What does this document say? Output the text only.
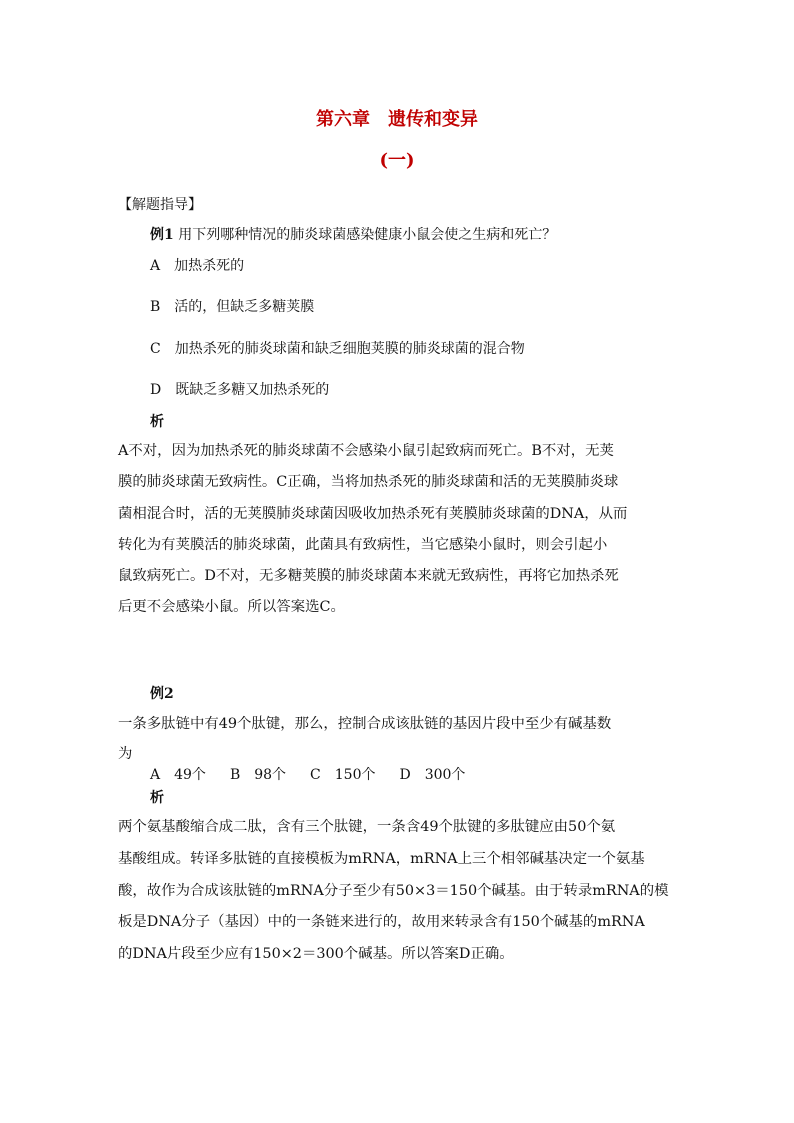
第六章　遗传和变异
(一)
【解题指导】
例1 用下列哪种情况的肺炎球菌感染健康小鼠会使之生病和死亡？
A　加热杀死的
B　活的，但缺乏多糖荚膜
C　加热杀死的肺炎球菌和缺乏细胞荚膜的肺炎球菌的混合物
D　既缺乏多糖又加热杀死的
析

A不对，因为加热杀死的肺炎球菌不会感染小鼠引起致病而死亡。B不对，无荚

膜的肺炎球菌无致病性。C正确，当将加热杀死的肺炎球菌和活的无荚膜肺炎球

菌相混合时，活的无荚膜肺炎球菌因吸收加热杀死有荚膜肺炎球菌的DNA，从而

转化为有荚膜活的肺炎球菌，此菌具有致病性，当它感染小鼠时，则会引起小

鼠致病死亡。D不对，无多糖荚膜的肺炎球菌本来就无致病性，再将它加热杀死

后更不会感染小鼠。所以答案选C。

例2
一条多肽链中有49个肽键，那么，控制合成该肽链的基因片段中至少有碱基数
为
A　49个 B　98个 C　150个 D　300个
析

两个氨基酸缩合成二肽，含有三个肽键，一条含49个肽键的多肽键应由50个氨

基酸组成。转译多肽链的直接模板为mRNA，mRNA上三个相邻碱基决定一个氨基

酸，故作为合成该肽链的mRNA分子至少有50×3＝150个碱基。由于转录mRNA的模

板是DNA分子（基因）中的一条链来进行的，故用来转录含有150个碱基的mRNA

的DNA片段至少应有150×2＝300个碱基。所以答案D正确。
